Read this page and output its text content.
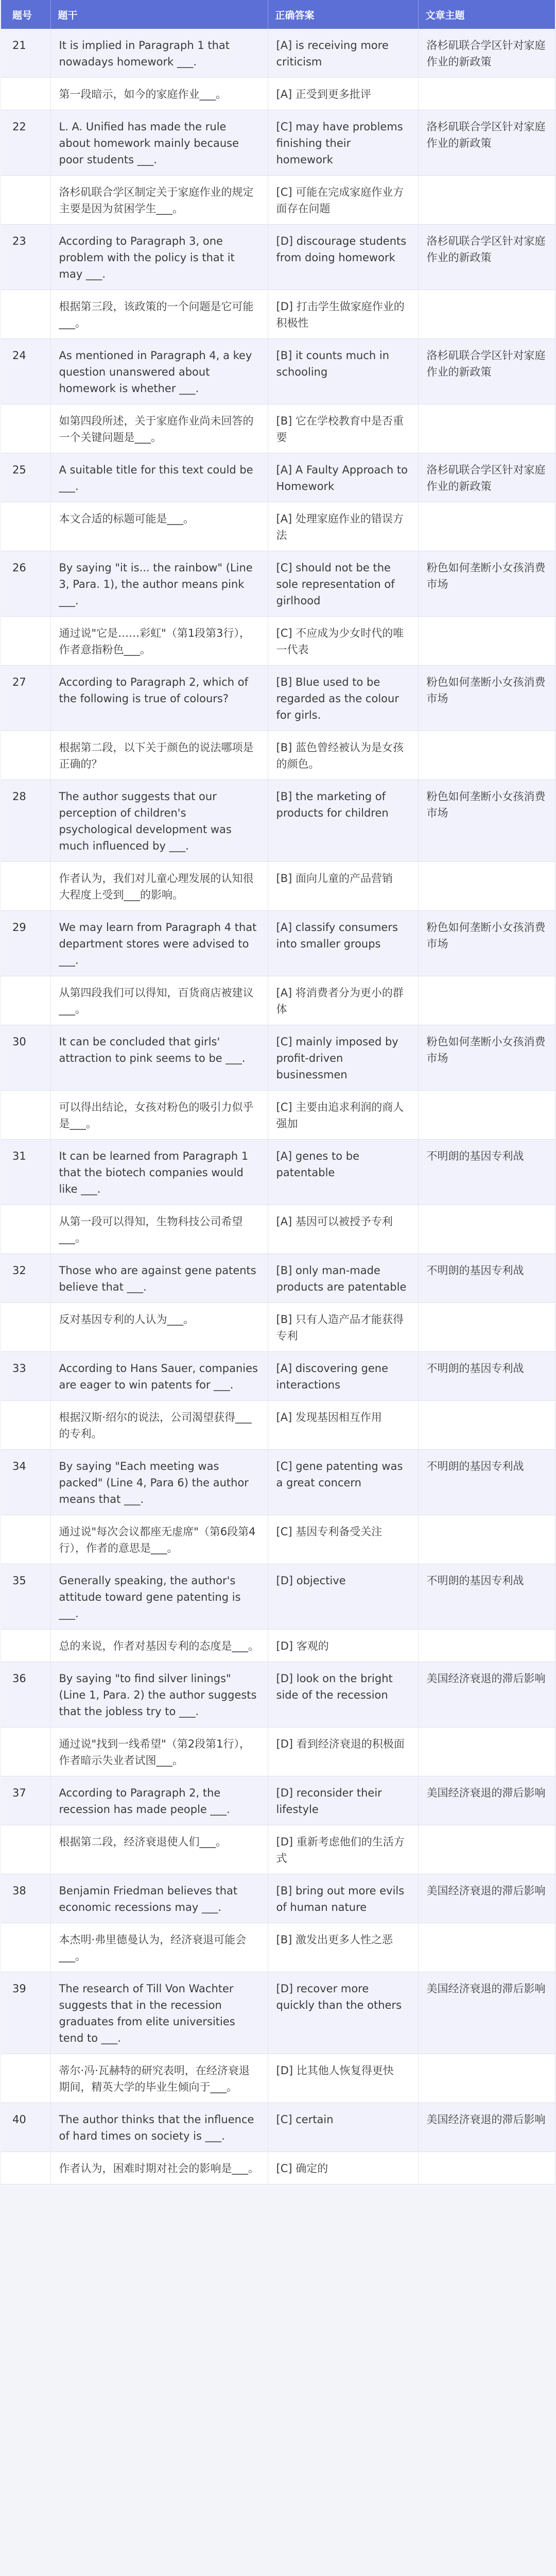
题号	题干	正确答案	文章主题
21	It is implied in Paragraph 1 that nowadays homework ___.	[A] is receiving more criticism	洛杉矶联合学区针对家庭作业的新政策
	第一段暗示，如今的家庭作业___。	[A] 正受到更多批评	
22	L. A. Unified has made the rule about homework mainly because poor students ___.	[C] may have problems finishing their homework	洛杉矶联合学区针对家庭作业的新政策
	洛杉矶联合学区制定关于家庭作业的规定主要是因为贫困学生___。	[C] 可能在完成家庭作业方面存在问题	
23	According to Paragraph 3, one problem with the policy is that it may ___.	[D] discourage students from doing homework	洛杉矶联合学区针对家庭作业的新政策
	根据第三段，该政策的一个问题是它可能___。	[D] 打击学生做家庭作业的积极性	
24	As mentioned in Paragraph 4, a key question unanswered about homework is whether ___.	[B] it counts much in schooling	洛杉矶联合学区针对家庭作业的新政策
	如第四段所述，关于家庭作业尚未回答的一个关键问题是___。	[B] 它在学校教育中是否重要	
25	A suitable title for this text could be ___.	[A] A Faulty Approach to Homework	洛杉矶联合学区针对家庭作业的新政策
	本文合适的标题可能是___。	[A] 处理家庭作业的错误方法	
26	By saying "it is... the rainbow" (Line 3, Para. 1), the author means pink ___.	[C] should not be the sole representation of girlhood	粉色如何垄断小女孩消费市场
	通过说"它是……彩虹"（第1段第3行），作者意指粉色___。	[C] 不应成为少女时代的唯一代表	
27	According to Paragraph 2, which of the following is true of colours?	[B] Blue used to be regarded as the colour for girls.	粉色如何垄断小女孩消费市场
	根据第二段，以下关于颜色的说法哪项是正确的？	[B] 蓝色曾经被认为是女孩的颜色。	
28	The author suggests that our perception of children's psychological development was much influenced by ___.	[B] the marketing of products for children	粉色如何垄断小女孩消费市场
	作者认为，我们对儿童心理发展的认知很大程度上受到___的影响。	[B] 面向儿童的产品营销	
29	We may learn from Paragraph 4 that department stores were advised to ___.	[A] classify consumers into smaller groups	粉色如何垄断小女孩消费市场
	从第四段我们可以得知，百货商店被建议___。	[A] 将消费者分为更小的群体	
30	It can be concluded that girls' attraction to pink seems to be ___.	[C] mainly imposed by profit-driven businessmen	粉色如何垄断小女孩消费市场
	可以得出结论，女孩对粉色的吸引力似乎是___。	[C] 主要由追求利润的商人强加	
31	It can be learned from Paragraph 1 that the biotech companies would like ___.	[A] genes to be patentable	不明朗的基因专利战
	从第一段可以得知，生物科技公司希望___。	[A] 基因可以被授予专利	
32	Those who are against gene patents believe that ___.	[B] only man-made products are patentable	不明朗的基因专利战
	反对基因专利的人认为___。	[B] 只有人造产品才能获得专利	
33	According to Hans Sauer, companies are eager to win patents for ___.	[A] discovering gene interactions	不明朗的基因专利战
	根据汉斯·绍尔的说法，公司渴望获得___的专利。	[A] 发现基因相互作用	
34	By saying "Each meeting was packed" (Line 4, Para 6) the author means that ___.	[C] gene patenting was a great concern	不明朗的基因专利战
	通过说"每次会议都座无虚席"（第6段第4行），作者的意思是___。	[C] 基因专利备受关注	
35	Generally speaking, the author's attitude toward gene patenting is ___.	[D] objective	不明朗的基因专利战
	总的来说，作者对基因专利的态度是___。	[D] 客观的	
36	By saying "to find silver linings" (Line 1, Para. 2) the author suggests that the jobless try to ___.	[D] look on the bright side of the recession	美国经济衰退的滞后影响
	通过说"找到一线希望"（第2段第1行），作者暗示失业者试图___。	[D] 看到经济衰退的积极面	
37	According to Paragraph 2, the recession has made people ___.	[D] reconsider their lifestyle	美国经济衰退的滞后影响
	根据第二段，经济衰退使人们___。	[D] 重新考虑他们的生活方式	
38	Benjamin Friedman believes that economic recessions may ___.	[B] bring out more evils of human nature	美国经济衰退的滞后影响
	本杰明·弗里德曼认为，经济衰退可能会___。	[B] 激发出更多人性之恶	
39	The research of Till Von Wachter suggests that in the recession graduates from elite universities tend to ___.	[D] recover more quickly than the others	美国经济衰退的滞后影响
	蒂尔·冯·瓦赫特的研究表明，在经济衰退期间，精英大学的毕业生倾向于___。	[D] 比其他人恢复得更快	
40	The author thinks that the influence of hard times on society is ___.	[C] certain	美国经济衰退的滞后影响
	作者认为，困难时期对社会的影响是___。	[C] 确定的	
